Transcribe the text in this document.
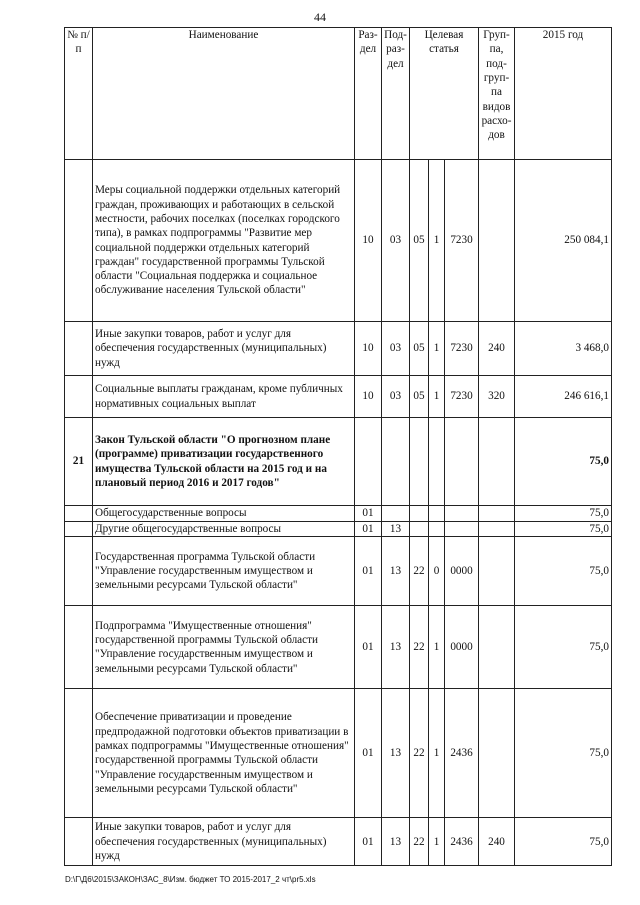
44
№ п/п	Наименование	Раз-дел	Под-раз-дел	Целевая статья			Груп-па, под-груп-па видов расхо-дов	2015 год
	Меры социальной поддержки отдельных категорий граждан, проживающих и работающих в сельской местности, рабочих поселках (поселках городского типа), в рамках подпрограммы "Развитие мер социальной поддержки отдельных категорий граждан" государственной программы Тульской области "Социальная поддержка и социальное обслуживание населения Тульской области"	10	03	05	1	7230		250 084,1
	Иные закупки товаров, работ и услуг для обеспечения государственных (муниципальных) нужд	10	03	05	1	7230	240	3 468,0
	Социальные выплаты гражданам, кроме публичных нормативных социальных выплат	10	03	05	1	7230	320	246 616,1
21	Закон Тульской области "О прогнозном плане (программе) приватизации государственного имущества Тульской области на 2015 год и на плановый период 2016 и 2017 годов"							75,0
	Общегосударственные вопросы	01						75,0
	Другие общегосударственные вопросы	01	13					75,0
	Государственная программа Тульской области "Управление государственным имуществом и земельными ресурсами Тульской области"	01	13	22	0	0000		75,0
	Подпрограмма "Имущественные отношения" государственной программы Тульской области "Управление государственным имуществом и земельными ресурсами Тульской области"	01	13	22	1	0000		75,0
	Обеспечение приватизации и проведение предпродажной подготовки объектов приватизации в рамках подпрограммы "Имущественные отношения" государственной программы Тульской области "Управление государственным имуществом и земельными ресурсами Тульской области"	01	13	22	1	2436		75,0
	Иные закупки товаров, работ и услуг для обеспечения государственных (муниципальных) нужд	01	13	22	1	2436	240	75,0
D:\Г\Д6\2015\ЗАКОН\ЗАС_8\Изм. бюджет ТО 2015-2017_2 чт\pr5.xls
